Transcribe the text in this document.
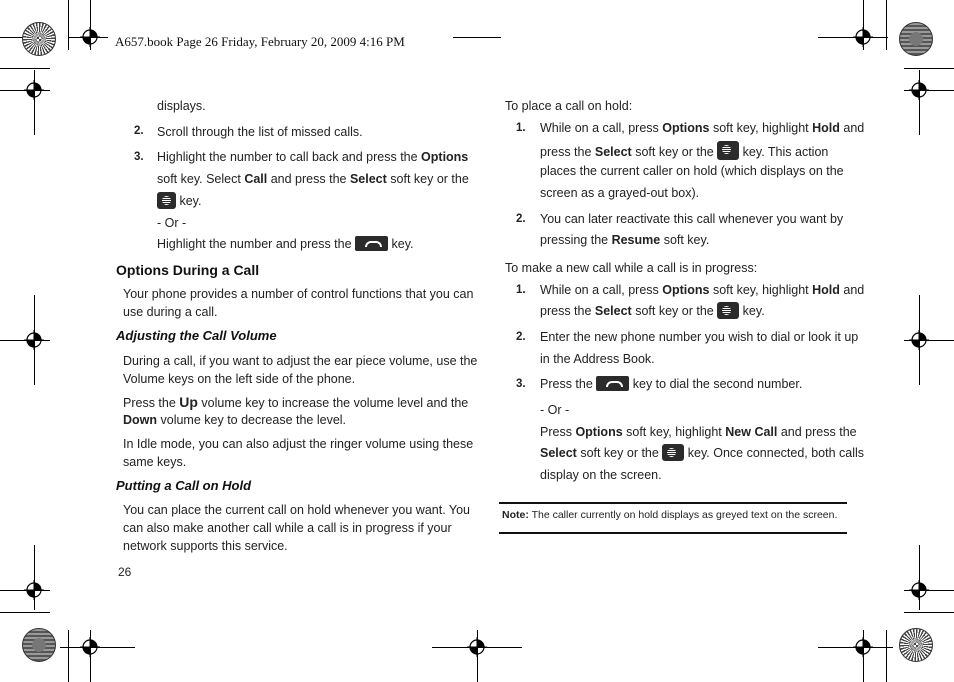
A657.book Page 26 Friday, February 20, 2009 4:16 PM
displays.
2. Scroll through the list of missed calls.
3. Highlight the number to call back and press the Options
soft key. Select Call and press the Select soft key or the
key.
- Or -
Highlight the number and press the	key.
Options During a Call
Your phone provides a number of control functions that you can
use during a call.
Adjusting the Call Volume
During a call, if you want to adjust the ear piece volume, use the
Volume keys on the left side of the phone.
Press the Up volume key to increase the volume level and the
Down volume key to decrease the level.
In Idle mode, you can also adjust the ringer volume using these
same keys.
Putting a Call on Hold
You can place the current call on hold whenever you want. You
can also make another call while a call is in progress if your
network supports this service.
26
To place a call on hold:
1. While on a call, press Options soft key, highlight Hold and
press the Select soft key or the  key. This action
places the current caller on hold (which displays on the
screen as a grayed-out box).
2. You can later reactivate this call whenever you want by
pressing the Resume soft key.
To make a new call while a call is in progress:
1. While on a call, press Options soft key, highlight Hold and
press the Select soft key or the  key.
2. Enter the new phone number you wish to dial or look it up
in the Address Book.
3. Press the	key to dial the second number.
- Or -
Press Options soft key, highlight New Call and press the
Select soft key or the  key. Once connected, both calls
display on the screen.
Note: The caller currently on hold displays as greyed text on the screen.
